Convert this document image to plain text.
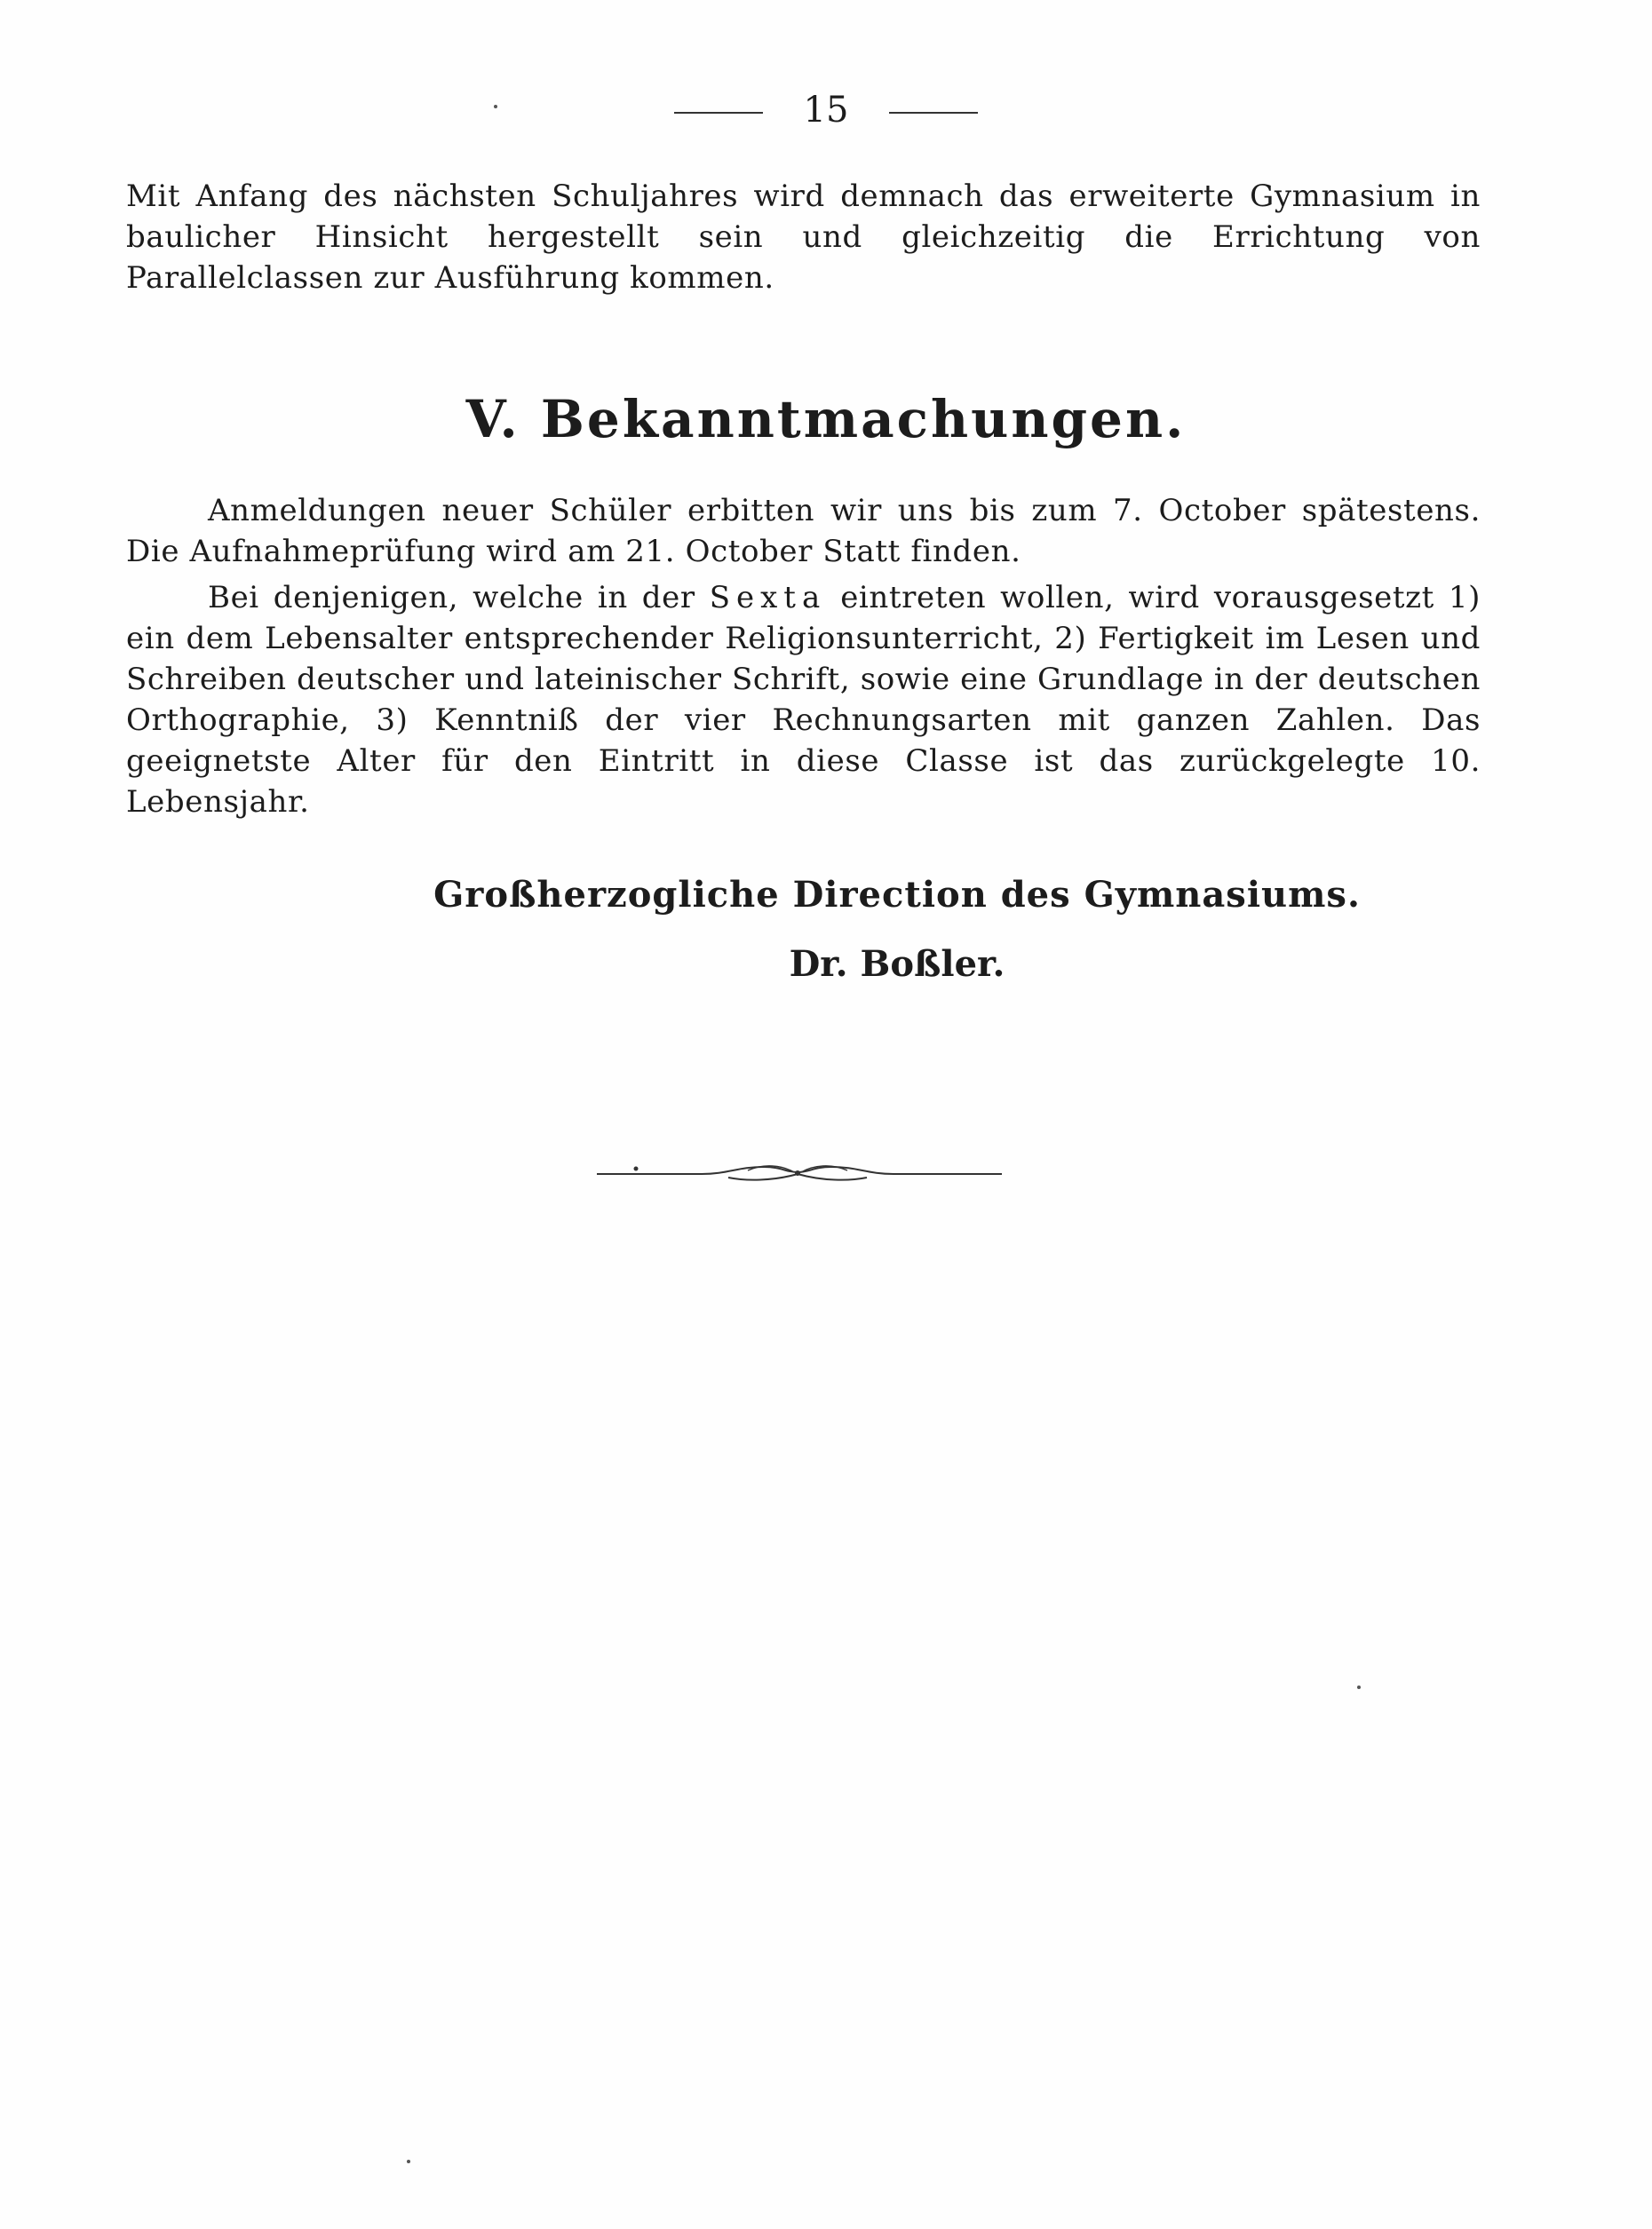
15

Mit Anfang des nächsten Schuljahres wird demnach das erweiterte Gymnasium in baulicher Hinsicht hergestellt sein und gleichzeitig die Errichtung von Parallelclassen zur Ausführung kommen.

V. Bekanntmachungen.

Anmeldungen neuer Schüler erbitten wir uns bis zum 7. October spätestens. Die Aufnahmeprüfung wird am 21. October Statt finden.

Bei denjenigen, welche in der Sexta eintreten wollen, wird vorausgesetzt 1) ein dem Lebensalter entsprechender Religionsunterricht, 2) Fertigkeit im Lesen und Schreiben deutscher und lateinischer Schrift, sowie eine Grundlage in der deutschen Orthographie, 3) Kenntniß der vier Rechnungsarten mit ganzen Zahlen. Das geeignetste Alter für den Eintritt in diese Classe ist das zurückgelegte 10. Lebensjahr.

Großherzogliche Direction des Gymnasiums.
Dr. Boßler.
